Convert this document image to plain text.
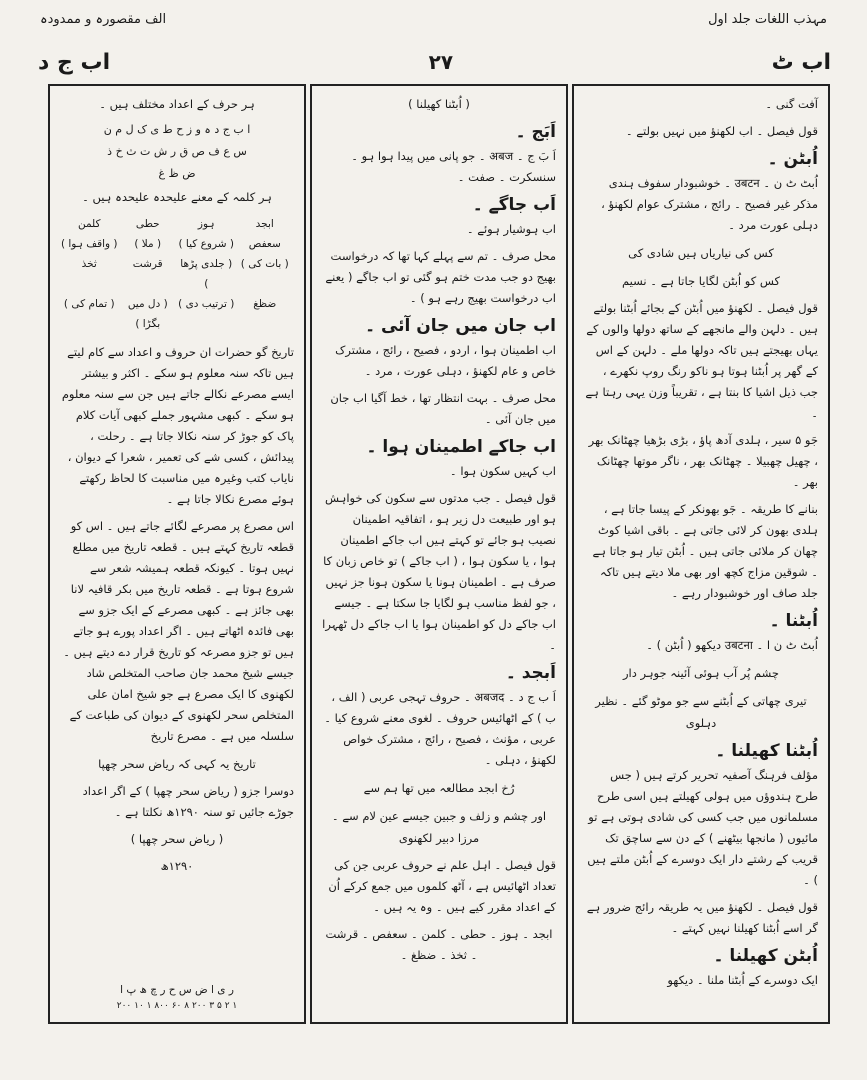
مہذب اللغات جلد اول
الف مقصورہ و ممدودہ
اب ٹ
۲۷
اب ج د

آفت گنی ۔

قول فیصل ۔ اب لکھنؤ میں نہیں بولتے ۔

اُبٹن ۔

اُبٹ ٹ ن ۔ उबटन ۔ خوشبودار سفوف ہندی مذکر غیر فصیح ۔ رائج ، مشترک عوام لکھنؤ ، دہلی عورت مرد ۔

کس کی نیاریاں ہیں شادی کی
کس کو اُبٹن لگایا جاتا ہے ۔ نسیم

قول فیصل ۔ لکھنؤ میں اُبٹن کے بجائے اُبٹنا بولتے ہیں ۔ دلہن والے مانجھے کے ساتھ دولھا والوں کے یہاں بھیجتے ہیں تاکہ دولھا ملے ۔ دلہن کے اس کے گھر پر اُبٹنا ہوتا ہو ناکو رنگ روپ نکھرے ، جب ذیل اشیا کا بنتا ہے ، تقریباً وزن یہی رہتا ہے ۔

جَو ۵ سیر ، ہلدی آدھ پاؤ ، بڑی بڑھیا چھٹانک بھر ، چھیل چھبیلا ۔ چھٹانک بھر ، ناگر موتھا چھٹانک بھر ۔

بنانے کا طریقہ ۔ جَو بھونکر کے پیسا جاتا ہے ، ہلدی بھون کر لائی جاتی ہے ۔ باقی اشیا کوٹ چھان کر ملائی جاتی ہیں ۔ اُبٹن تیار ہو جاتا ہے ۔ شوقین مزاج کچھ اور بھی ملا دیتے ہیں تاکہ جلد صاف اور خوشبودار رہے ۔

اُبٹنا ۔

اُبٹ ٹ ن ا ۔ उबटना دیکھو ( اُبٹن ) ۔

چشم پُر آب ہوئی آئینہ جوہر دار
تیری چھاتی کے اُبٹنے سے جو موٹو گئے ۔ نظیر دہلوی
اُبٹنا کھیلنا ۔

مؤلف فرہنگ آصفیہ تحریر کرتے ہیں ( جس طرح ہندوؤں میں ہولی کھیلتے ہیں اسی طرح مسلمانوں میں جب کسی کی شادی ہوتی ہے تو مائیوں ( مانجھا بیٹھنے ) کے دن سے ساچق تک قریب کے رشتے دار ایک دوسرے کے اُبٹن ملتے ہیں ) ۔

قول فیصل ۔ لکھنؤ میں یہ طریقہ رائج ضرور ہے گر اسے اُبٹنا کھیلنا نہیں کہتے ۔

اُبٹن کھیلنا ۔

ایک دوسرے کے اُبٹنا ملنا ۔ دیکھو

( اُبٹنا کھیلنا )

اَبَج ۔

اَ بَ ج ۔ अबज ۔ جو پانی میں پیدا ہوا ہو ۔ سنسکرت ۔ صفت ۔

اَب جاگے ۔

اب ہوشیار ہوئے ۔

محل صرف ۔ تم سے پہلے کہا تھا کہ درخواست بھیج دو جب مدت ختم ہو گئی تو اب جاگے ( یعنے اب درخواست بھیج رہے ہو ) ۔

اب جان میں جان آئی ۔

اب اطمینان ہوا ، اردو ، فصیح ، رائج ، مشترک خاص و عام لکھنؤ ، دہلی عورت ، مرد ۔

محل صرف ۔ بہت انتظار تھا ، خط آگیا اب جان میں جان آئی ۔

اب جاکے اطمینان ہوا ۔

اب کہیں سکون ہوا ۔

قول فیصل ۔ جب مدتوں سے سکون کی خواہش ہو اور طبیعت دل زیر ہو ، اتفاقیہ اطمینان نصیب ہو جائے تو کہتے ہیں اب جاکے اطمینان ہوا ، یا سکون ہوا ، ( اب جاکے ) تو خاص زبان کا صرف ہے ۔ اطمینان ہونا یا سکون ہونا جز نہیں ، جو لفظ مناسب ہو لگایا جا سکتا ہے ۔ جیسے اب جاکے دل کو اطمینان ہوا یا اب جاکے دل ٹھہرا ۔

اَبجد ۔

اَ ب ج د ۔ अबजद ۔ حروف تہجی عربی ( الف ، ب ) کے اٹھائیس حروف ۔ لغوی معنے شروع کیا ۔ عربی ، مؤنث ، فصیح ، رائج ، مشترک خواص لکھنؤ ، دہلی ۔

رُخ ابجد مطالعہ میں تھا ہم سے
اور چشم و زلف و جبین جیسے عین لام سے ۔ مرزا دبیر لکھنوی

قول فیصل ۔ اہل علم نے حروف عربی جن کی تعداد اٹھائیس ہے ، آٹھ کلموں میں جمع کرکے اُن کے اعداد مقرر کیے ہیں ۔ وہ یہ ہیں ۔

ابجد ۔ ہوز ۔ حطی ۔ کلمن ۔ سعفص ۔ قرشت ۔ ثخذ ۔ ضظغ ۔

ہر حرف کے اعداد مختلف ہیں ۔

ا ب ج د ہ و ز ح ط ی ک ل م ن
س ع ف ص ق ر ش ت ث خ ذ
ض ظ غ

ہر کلمہ کے معنے علیحدہ علیحدہ ہیں ۔

ابجد
ہوز
حطی
کلمن
سعفص
( شروع کیا )
( ملا )
( واقف ہوا )
( بات کی )
( جلدی پڑھا )
قرشت
ثخذ
ضظغ
( ترتیب دی )
( دل میں بگڑا )
( تمام کی )

تاریخ گو حضرات ان حروف و اعداد سے کام لیتے ہیں تاکہ سنہ معلوم ہو سکے ۔ اکثر و بیشتر ایسے مصرعے نکالے جاتے ہیں جن سے سنہ معلوم ہو سکے ۔ کبھی مشہور جملے کبھی آیات کلام پاک کو جوڑ کر سنہ نکالا جاتا ہے ۔ رحلت ، پیدائش ، کسی شے کی تعمیر ، شعرا کے دیوان ، نایاب کتب وغیرہ میں مناسبت کا لحاظ رکھتے ہوئے مصرع نکالا جاتا ہے ۔

اس مصرع پر مصرعے لگائے جاتے ہیں ۔ اس کو قطعہ تاریخ کہتے ہیں ۔ قطعہ تاریخ میں مطلع نہیں ہوتا ۔ کیونکہ قطعہ ہمیشہ شعر سے شروع ہوتا ہے ۔ قطعہ تاریخ میں بکر قافیہ لانا بھی جائز ہے ۔ کبھی مصرعے کے ایک جزو سے بھی فائدہ اٹھاتے ہیں ۔ اگر اعداد پورے ہو جاتے ہیں تو جزو مصرعہ کو تاریخ قرار دے دیتے ہیں ۔ جیسے شیخ محمد جان صاحب المتخلص شاد لکھنوی کا ایک مصرع ہے جو شیخ امان علی المتخلص سحر لکھنوی کے دیوان کی طباعت کے سلسلہ میں ہے ۔ مصرع تاریخ

تاریخ یہ کہی کہ ریاض سحر چھپا

دوسرا جزو ( ریاض سحر چھپا ) کے اگر اعداد جوڑے جائیں تو سنہ ۱۲۹۰ھ نکلتا ہے ۔

( ریاض سحر چھپا )

۱۲۹۰ھ

ر ی ا ض س ح ر چ ھ پ ا
۲۰۰ ۱۰ ۱ ۸۰۰ ۶۰ ۸ ۲۰۰ ۳ ۵ ۲ ۱
